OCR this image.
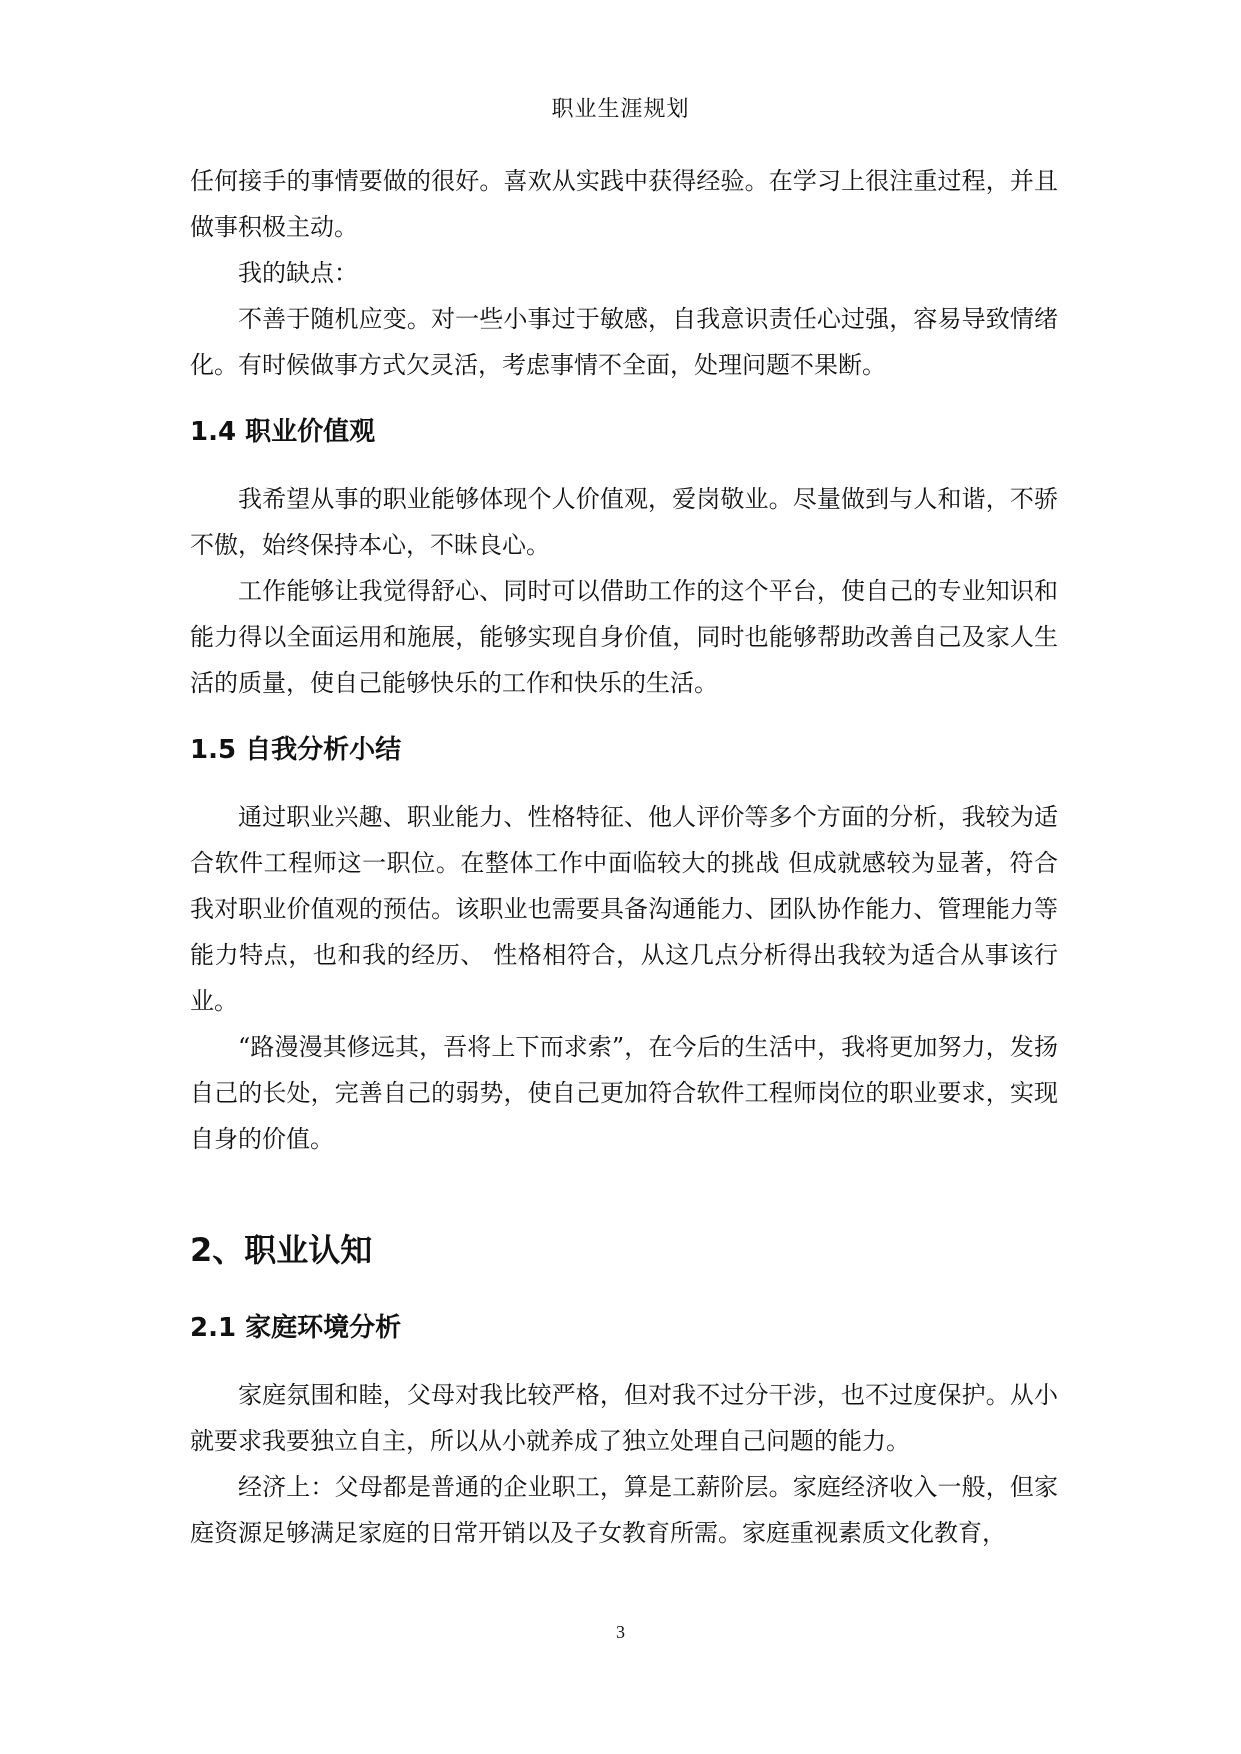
职业生涯规划

任何接手的事情要做的很好。喜欢从实践中获得经验。在学习上很注重过程，并且做事积极主动。

我的缺点：

不善于随机应变。对一些小事过于敏感，自我意识责任心过强，容易导致情绪化。有时候做事方式欠灵活，考虑事情不全面，处理问题不果断。

1.4 职业价值观

我希望从事的职业能够体现个人价值观，爱岗敬业。尽量做到与人和谐，不骄不傲，始终保持本心，不昧良心。

工作能够让我觉得舒心、同时可以借助工作的这个平台，使自己的专业知识和能力得以全面运用和施展，能够实现自身价值，同时也能够帮助改善自己及家人生活的质量，使自己能够快乐的工作和快乐的生活。

1.5 自我分析小结

通过职业兴趣、职业能力、性格特征、他人评价等多个方面的分析，我较为适合软件工程师这一职位。在整体工作中面临较大的挑战 但成就感较为显著，符合我对职业价值观的预估。该职业也需要具备沟通能力、团队协作能力、管理能力等能力特点，也和我的经历、 性格相符合，从这几点分析得出我较为适合从事该行业。

“路漫漫其修远其，吾将上下而求索”，在今后的生活中，我将更加努力，发扬自己的长处，完善自己的弱势，使自己更加符合软件工程师岗位的职业要求，实现自身的价值。

2、职业认知
2.1 家庭环境分析

家庭氛围和睦，父母对我比较严格，但对我不过分干涉，也不过度保护。从小就要求我要独立自主，所以从小就养成了独立处理自己问题的能力。

经济上：父母都是普通的企业职工，算是工薪阶层。家庭经济收入一般，但家庭资源足够满足家庭的日常开销以及子女教育所需。家庭重视素质文化教育，

3
